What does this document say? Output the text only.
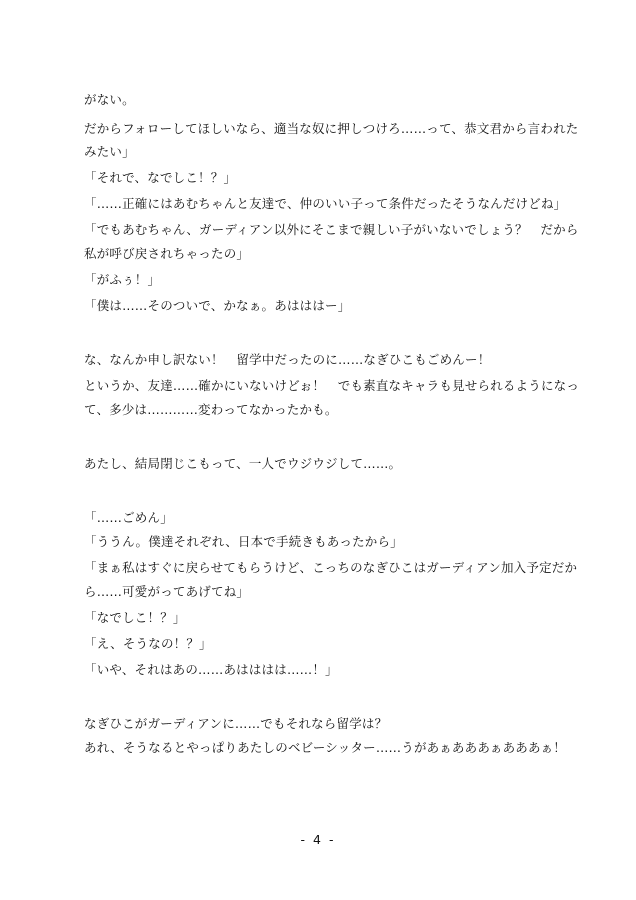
がない。
だからフォローしてほしいなら、適当な奴に押しつけろ……って、恭文君から言われた
みたい」
「それで、なでしこ！？」
「……正確にはあむちゃんと友達で、仲のいい子って条件だったそうなんだけどね」
「でもあむちゃん、ガーディアン以外にそこまで親しい子がいないでしょう？　だから
私が呼び戻されちゃったの」
「がふぅ！」
「僕は……そのついで、かなぁ。あはははー」
な、なんか申し訳ない！　留学中だったのに……なぎひこもごめんー！
というか、友達……確かにいないけどぉ！　でも素直なキャラも見せられるようになっ
て、多少は…………変わってなかったかも。
あたし、結局閉じこもって、一人でウジウジして……。
「……ごめん」
「ううん。僕達それぞれ、日本で手続きもあったから」
「まぁ私はすぐに戻らせてもらうけど、こっちのなぎひこはガーディアン加入予定だか
ら……可愛がってあげてね」
「なでしこ！？」
「え、そうなの！？」
「いや、それはあの……あはははは……！」
なぎひこがガーディアンに……でもそれなら留学は？
あれ、そうなるとやっぱりあたしのベビーシッター……うがあぁあああぁあああぁ！
- 4 -
